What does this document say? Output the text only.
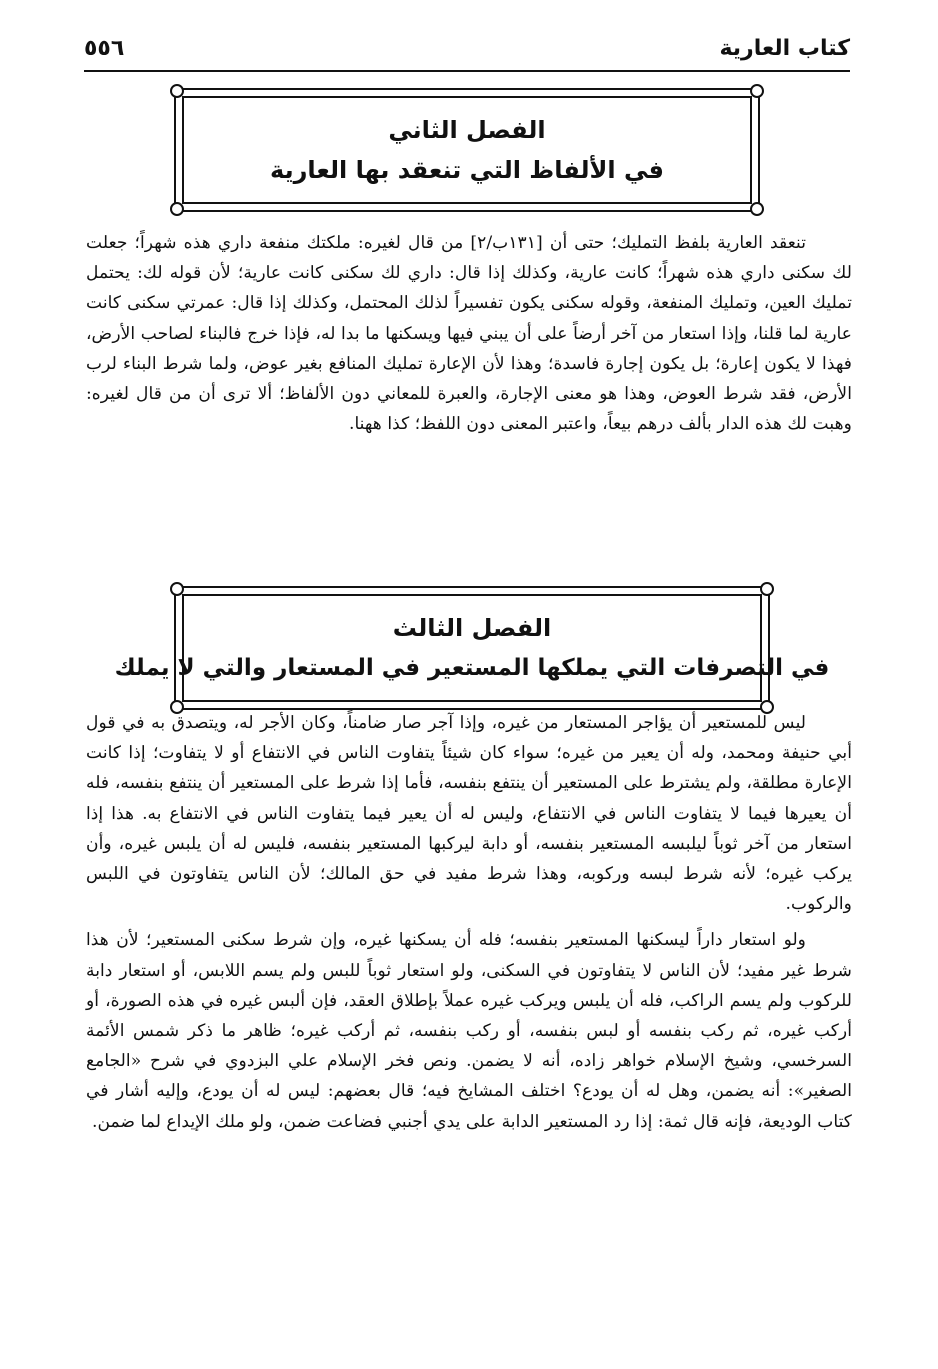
كتاب العارية
٥٥٦
الفصل الثاني
في الألفاظ التي تنعقد بها العارية

تنعقد العارية بلفظ التمليك؛ حتى أن [١٣١ب/٢] من قال لغيره: ملكتك منفعة داري هذه شهراً؛ جعلت لك سكنى داري هذه شهراً؛ كانت عارية، وكذلك إذا قال: داري لك سكنى كانت عارية؛ لأن قوله لك: يحتمل تمليك العين، وتمليك المنفعة، وقوله سكنى يكون تفسيراً لذلك المحتمل، وكذلك إذا قال: عمرتي سكنى كانت عارية لما قلنا، وإذا استعار من آخر أرضاً على أن يبني فيها ويسكنها ما بدا له، فإذا خرج فالبناء لصاحب الأرض، فهذا لا يكون إعارة؛ بل يكون إجارة فاسدة؛ وهذا لأن الإعارة تمليك المنافع بغير عوض، ولما شرط البناء لرب الأرض، فقد شرط العوض، وهذا هو معنى الإجارة، والعبرة للمعاني دون الألفاظ؛ ألا ترى أن من قال لغيره: وهبت لك هذه الدار بألف درهم بيعاً، واعتبر المعنى دون اللفظ؛ كذا ههنا.

الفصل الثالث
في التصرفات التي يملكها المستعير في المستعار والتي لا يملك

ليس للمستعير أن يؤاجر المستعار من غيره، وإذا آجر صار ضامناً، وكان الأجر له، ويتصدق به في قول أبي حنيفة ومحمد، وله أن يعير من غيره؛ سواء كان شيئاً يتفاوت الناس في الانتفاع أو لا يتفاوت؛ إذا كانت الإعارة مطلقة، ولم يشترط على المستعير أن ينتفع بنفسه، فأما إذا شرط على المستعير أن ينتفع بنفسه، فله أن يعيرها فيما لا يتفاوت الناس في الانتفاع، وليس له أن يعير فيما يتفاوت الناس في الانتفاع به. هذا إذا استعار من آخر ثوباً ليلبسه المستعير بنفسه، أو دابة ليركبها المستعير بنفسه، فليس له أن يلبس غيره، وأن يركب غيره؛ لأنه شرط لبسه وركوبه، وهذا شرط مفيد في حق المالك؛ لأن الناس يتفاوتون في اللبس والركوب.

ولو استعار داراً ليسكنها المستعير بنفسه؛ فله أن يسكنها غيره، وإن شرط سكنى المستعير؛ لأن هذا شرط غير مفيد؛ لأن الناس لا يتفاوتون في السكنى، ولو استعار ثوباً للبس ولم يسم اللابس، أو استعار دابة للركوب ولم يسم الراكب، فله أن يلبس ويركب غيره عملاً بإطلاق العقد، فإن ألبس غيره في هذه الصورة، أو أركب غيره، ثم ركب بنفسه أو لبس بنفسه، أو ركب بنفسه، ثم أركب غيره؛ ظاهر ما ذكر شمس الأئمة السرخسي، وشيخ الإسلام خواهر زاده، أنه لا يضمن. ونص فخر الإسلام علي البزدوي في شرح «الجامع الصغير»: أنه يضمن، وهل له أن يودع؟ اختلف المشايخ فيه؛ قال بعضهم: ليس له أن يودع، وإليه أشار في كتاب الوديعة، فإنه قال ثمة: إذا رد المستعير الدابة على يدي أجنبي فضاعت ضمن، ولو ملك الإيداع لما ضمن.
